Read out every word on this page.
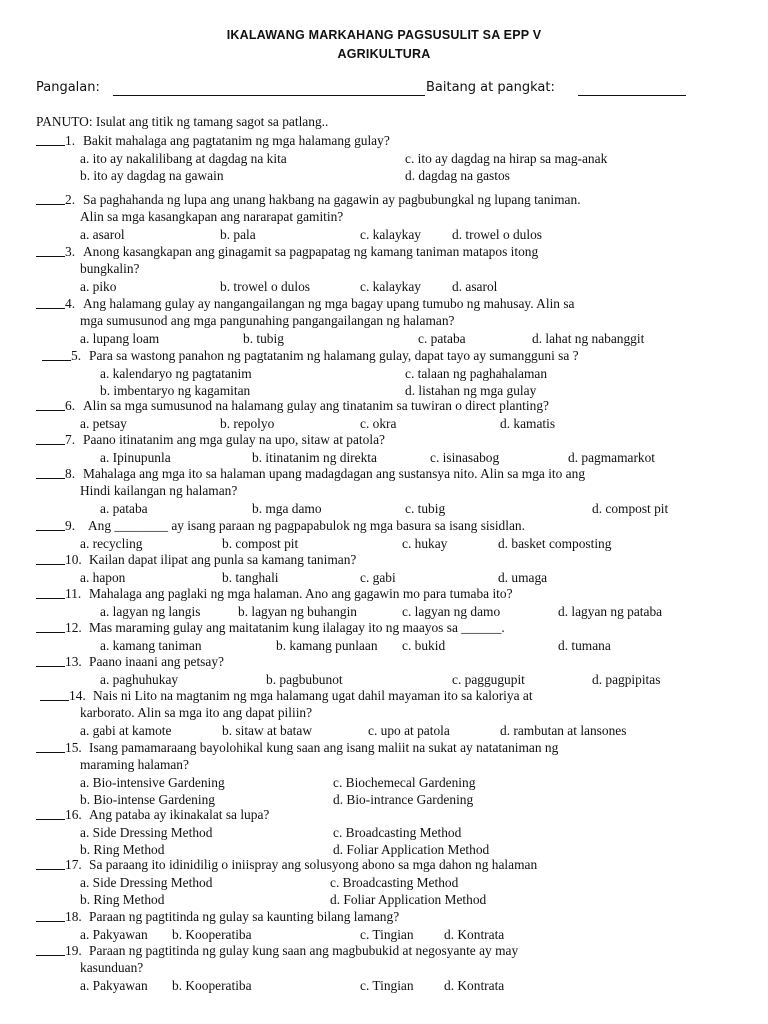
IKALAWANG MARKAHANG PAGSUSULIT SA EPP V
AGRIKULTURA
Pangalan:	Baitang at pangkat:
PANUTO: Isulat ang titik ng tamang sagot sa patlang..
1. Bakit mahalaga ang pagtatanim ng mga halamang gulay?
a. ito ay nakalilibang at dagdag na kita	c. ito ay dagdag na hirap sa mag-anak
b. ito ay dagdag na gawain	d. dagdag na gastos
2. Sa paghahanda ng lupa ang unang hakbang na gagawin ay pagbubungkal ng lupang taniman.
Alin sa mga kasangkapan ang nararapat gamitin?
a. asarol	b. pala	c. kalaykay d. trowel o dulos
3. Anong kasangkapan ang ginagamit sa pagpapatag ng kamang taniman matapos itong
bungkalin?
a. piko	b. trowel o dulos	c. kalaykay d. asarol
4. Ang halamang gulay ay nangangailangan ng mga bagay upang tumubo ng mahusay. Alin sa
mga sumusunod ang mga pangunahing pangangailangan ng halaman?
a. lupang loam	b. tubig	c. pataba	d. lahat ng nabanggit
5. Para sa wastong panahon ng pagtatanim ng halamang gulay, dapat tayo ay sumangguni sa ?
a. kalendaryo ng pagtatanim	c. talaan ng paghahalaman
b. imbentaryo ng kagamitan	d. listahan ng mga gulay
6. Alin sa mga sumusunod na halamang gulay ang tinatanim sa tuwiran o direct planting?
a. petsay	b. repolyo	c. okra	d. kamatis
7. Paano itinatanim ang mga gulay na upo, sitaw at patola?
a. Ipinupunla	b. itinatanim ng direkta	c. isinasabog	d. pagmamarkot
8. Mahalaga ang mga ito sa halaman upang madagdagan ang sustansya nito. Alin sa mga ito ang
Hindi kailangan ng halaman?
a. pataba	b. mga damo	c. tubig	d. compost pit
9. Ang ________ ay isang paraan ng pagpapabulok ng mga basura sa isang sisidlan.
a. recycling	b. compost pit	c. hukay	d. basket composting
10. Kailan dapat ilipat ang punla sa kamang taniman?
a. hapon	b. tanghali	c. gabi	d. umaga
11. Mahalaga ang paglaki ng mga halaman. Ano ang gagawin mo para tumaba ito?
a. lagyan ng langis	b. lagyan ng buhangin	c. lagyan ng damo	d. lagyan ng pataba
12. Mas maraming gulay ang maitatanim kung ilalagay ito ng maayos sa ______.
a. kamang taniman	b. kamang punlaan c. bukid	d. tumana
13. Paano inaani ang petsay?
a. paghuhukay	b. pagbubunot	c. paggugupit	d. pagpipitas
14. Nais ni Lito na magtanim ng mga halamang ugat dahil mayaman ito sa kaloriya at
karborato. Alin sa mga ito ang dapat piliin?
a. gabi at kamote	b. sitaw at bataw	c. upo at patola	d. rambutan at lansones
15. Isang pamamaraang bayolohikal kung saan ang isang maliit na sukat ay natataniman ng
maraming halaman?
a. Bio-intensive Gardening	c. Biochemecal Gardening
b. Bio-intense Gardening	d. Bio-intrance Gardening
16. Ang pataba ay ikinakalat sa lupa?
a. Side Dressing Method	c. Broadcasting Method
b. Ring Method	d. Foliar Application Method
17. Sa paraang ito idinidilig o iniispray ang solusyong abono sa mga dahon ng halaman
a. Side Dressing Method	c. Broadcasting Method
b. Ring Method	d. Foliar Application Method
18. Paraan ng pagtitinda ng gulay sa kaunting bilang lamang?
a. Pakyawan b. Kooperatiba	c. Tingian d. Kontrata
19. Paraan ng pagtitinda ng gulay kung saan ang magbubukid at negosyante ay may
kasunduan?
a. Pakyawan b. Kooperatiba	c. Tingian d. Kontrata
